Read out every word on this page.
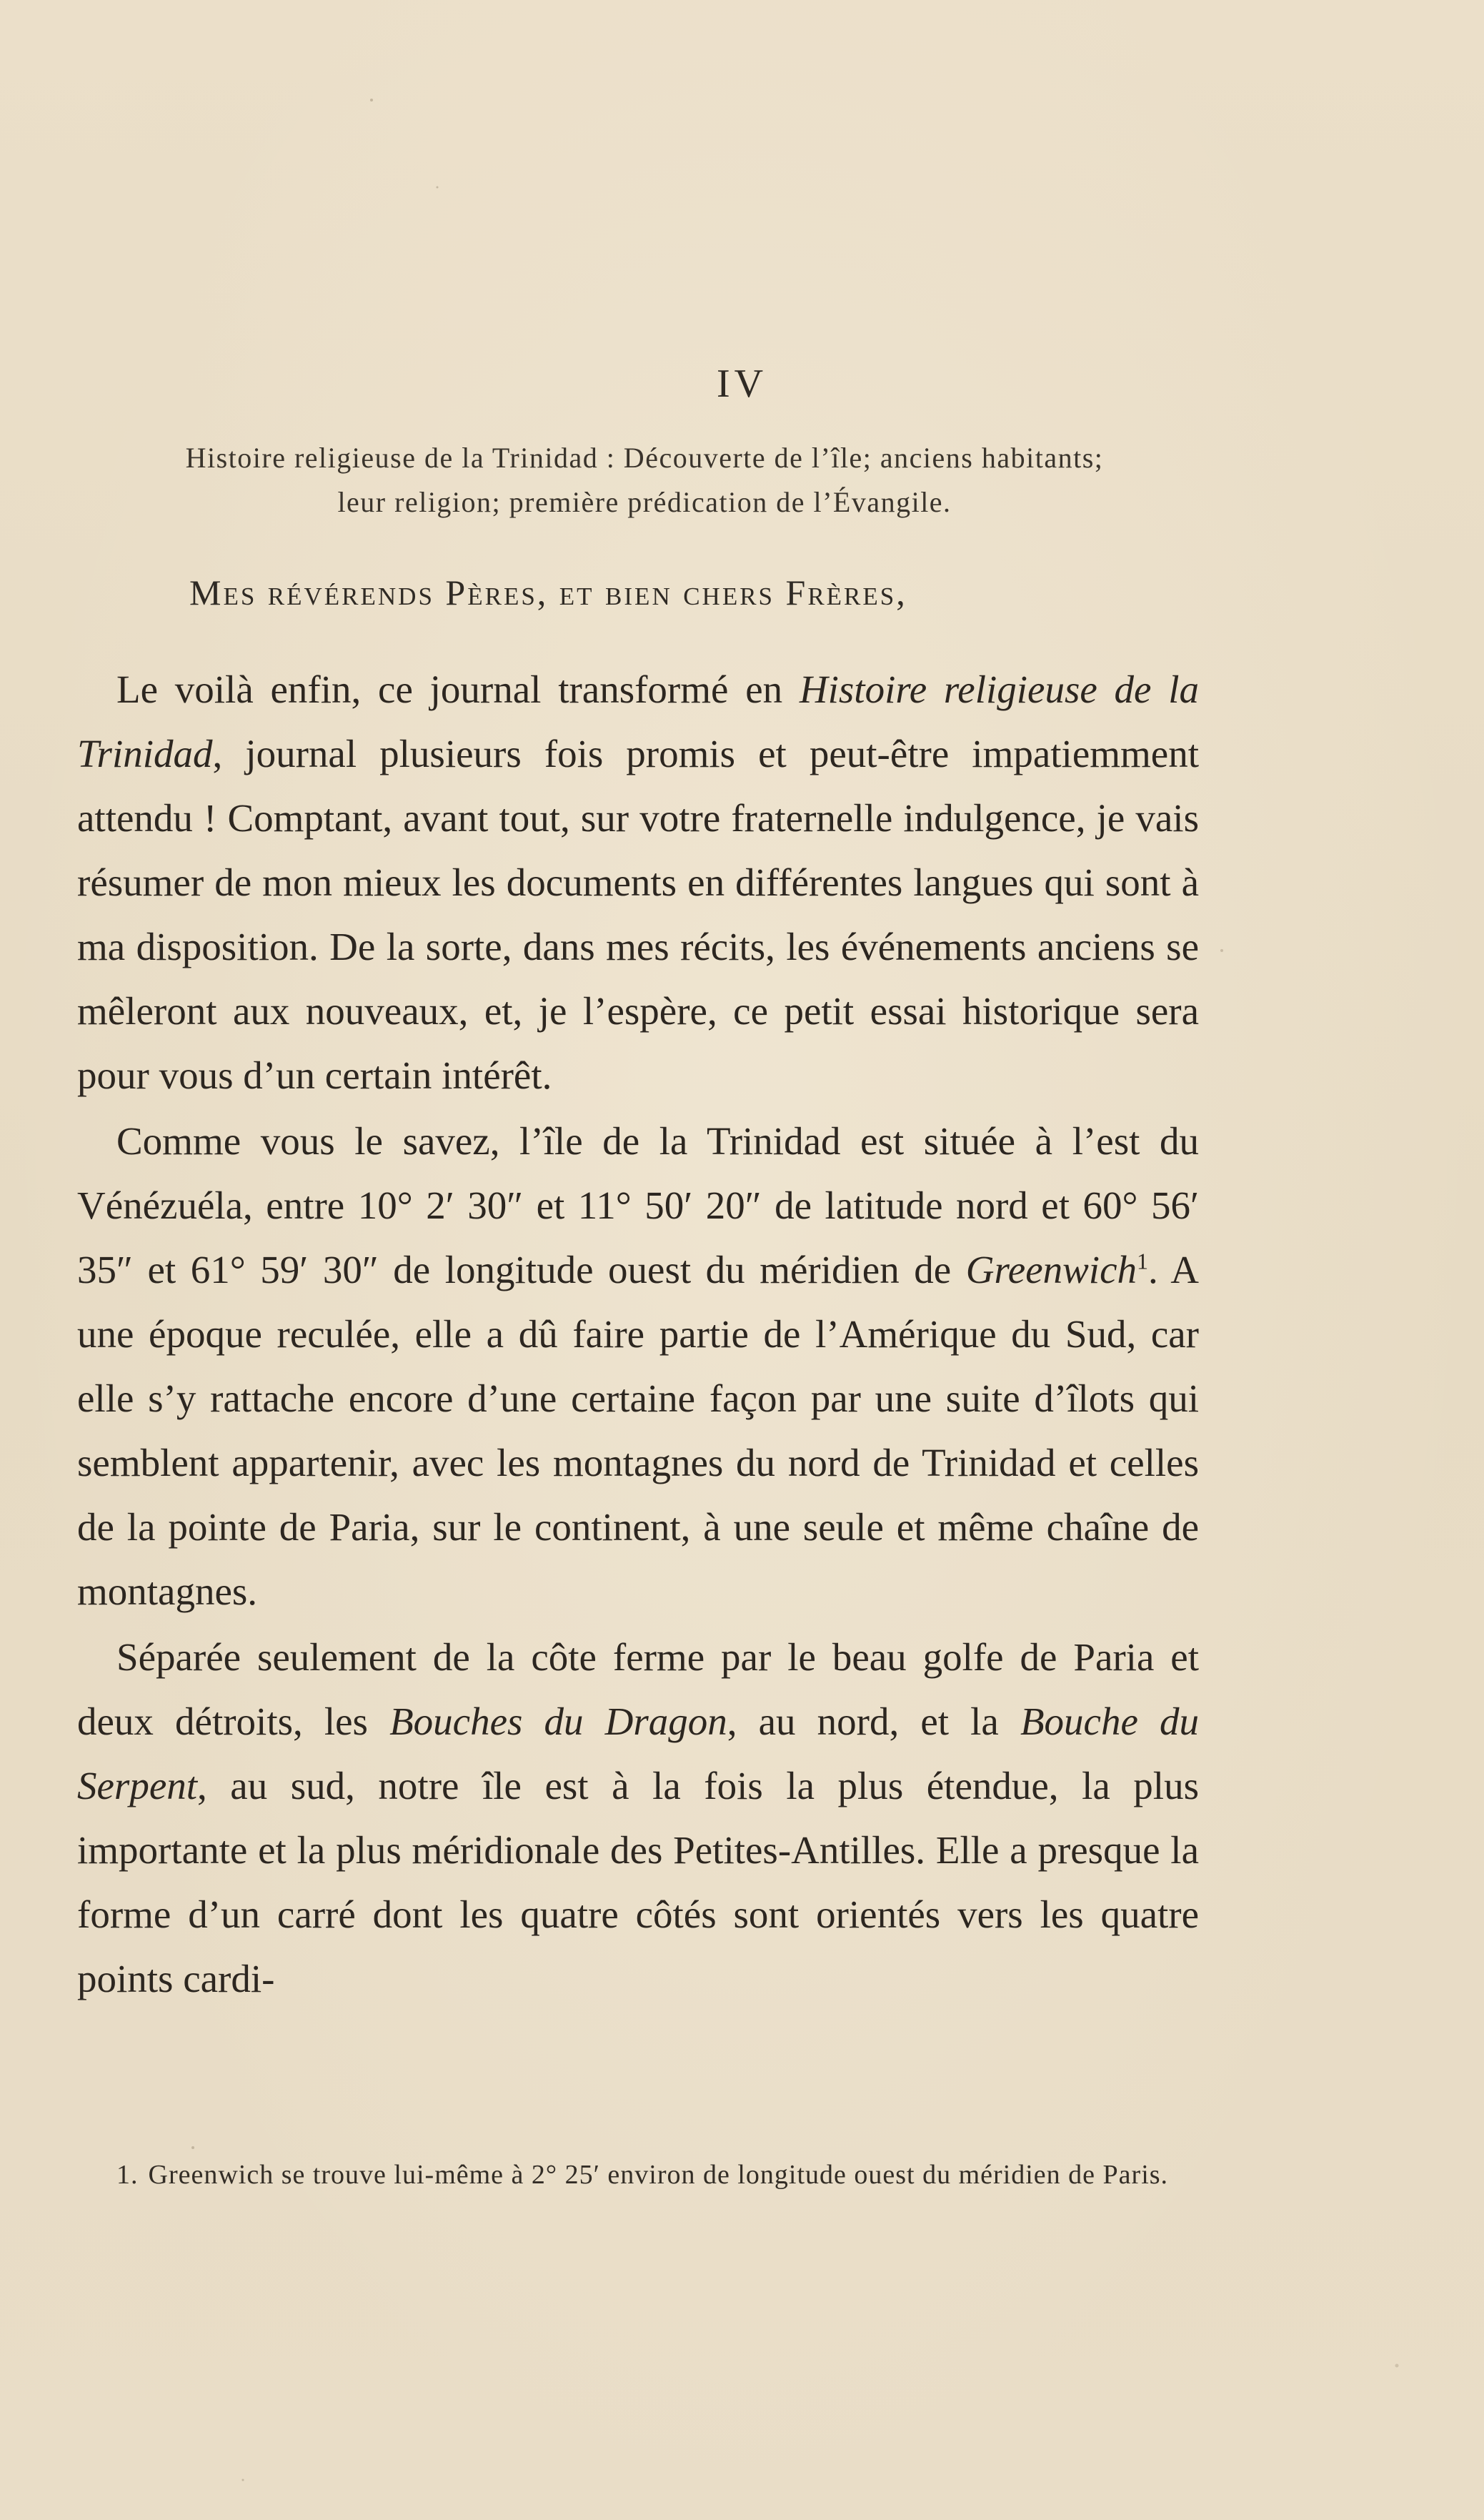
IV
Histoire religieuse de la Trinidad : Découverte de l’île; anciens habitants;
leur religion; première prédication de l’Évangile.
Mes révérends Pères, et bien chers Frères,

Le voilà enfin, ce journal transformé en Histoire religieuse de la Trinidad, journal plusieurs fois promis et peut-être impatiemment attendu ! Comptant, avant tout, sur votre fraternelle indulgence, je vais résumer de mon mieux les documents en différentes langues qui sont à ma disposition. De la sorte, dans mes récits, les événements anciens se mêleront aux nouveaux, et, je l’espère, ce petit essai historique sera pour vous d’un certain intérêt.

Comme vous le savez, l’île de la Trinidad est située à l’est du Vénézuéla, entre 10° 2′ 30″ et 11° 50′ 20″ de latitude nord et 60° 56′ 35″ et 61° 59′ 30″ de longitude ouest du méridien de Greenwich$^1$. A une époque reculée, elle a dû faire partie de l’Amérique du Sud, car elle s’y rattache encore d’une certaine façon par une suite d’îlots qui semblent appartenir, avec les montagnes du nord de Trinidad et celles de la pointe de Paria, sur le continent, à une seule et même chaîne de montagnes.

Séparée seulement de la côte ferme par le beau golfe de Paria et deux détroits, les Bouches du Dragon, au nord, et la Bouche du Serpent, au sud, notre île est à la fois la plus étendue, la plus importante et la plus méridionale des Petites-Antilles. Elle a presque la forme d’un carré dont les quatre côtés sont orientés vers les quatre points cardi-

1. Greenwich se trouve lui-même à 2° 25′ environ de longitude ouest du méridien de Paris.
